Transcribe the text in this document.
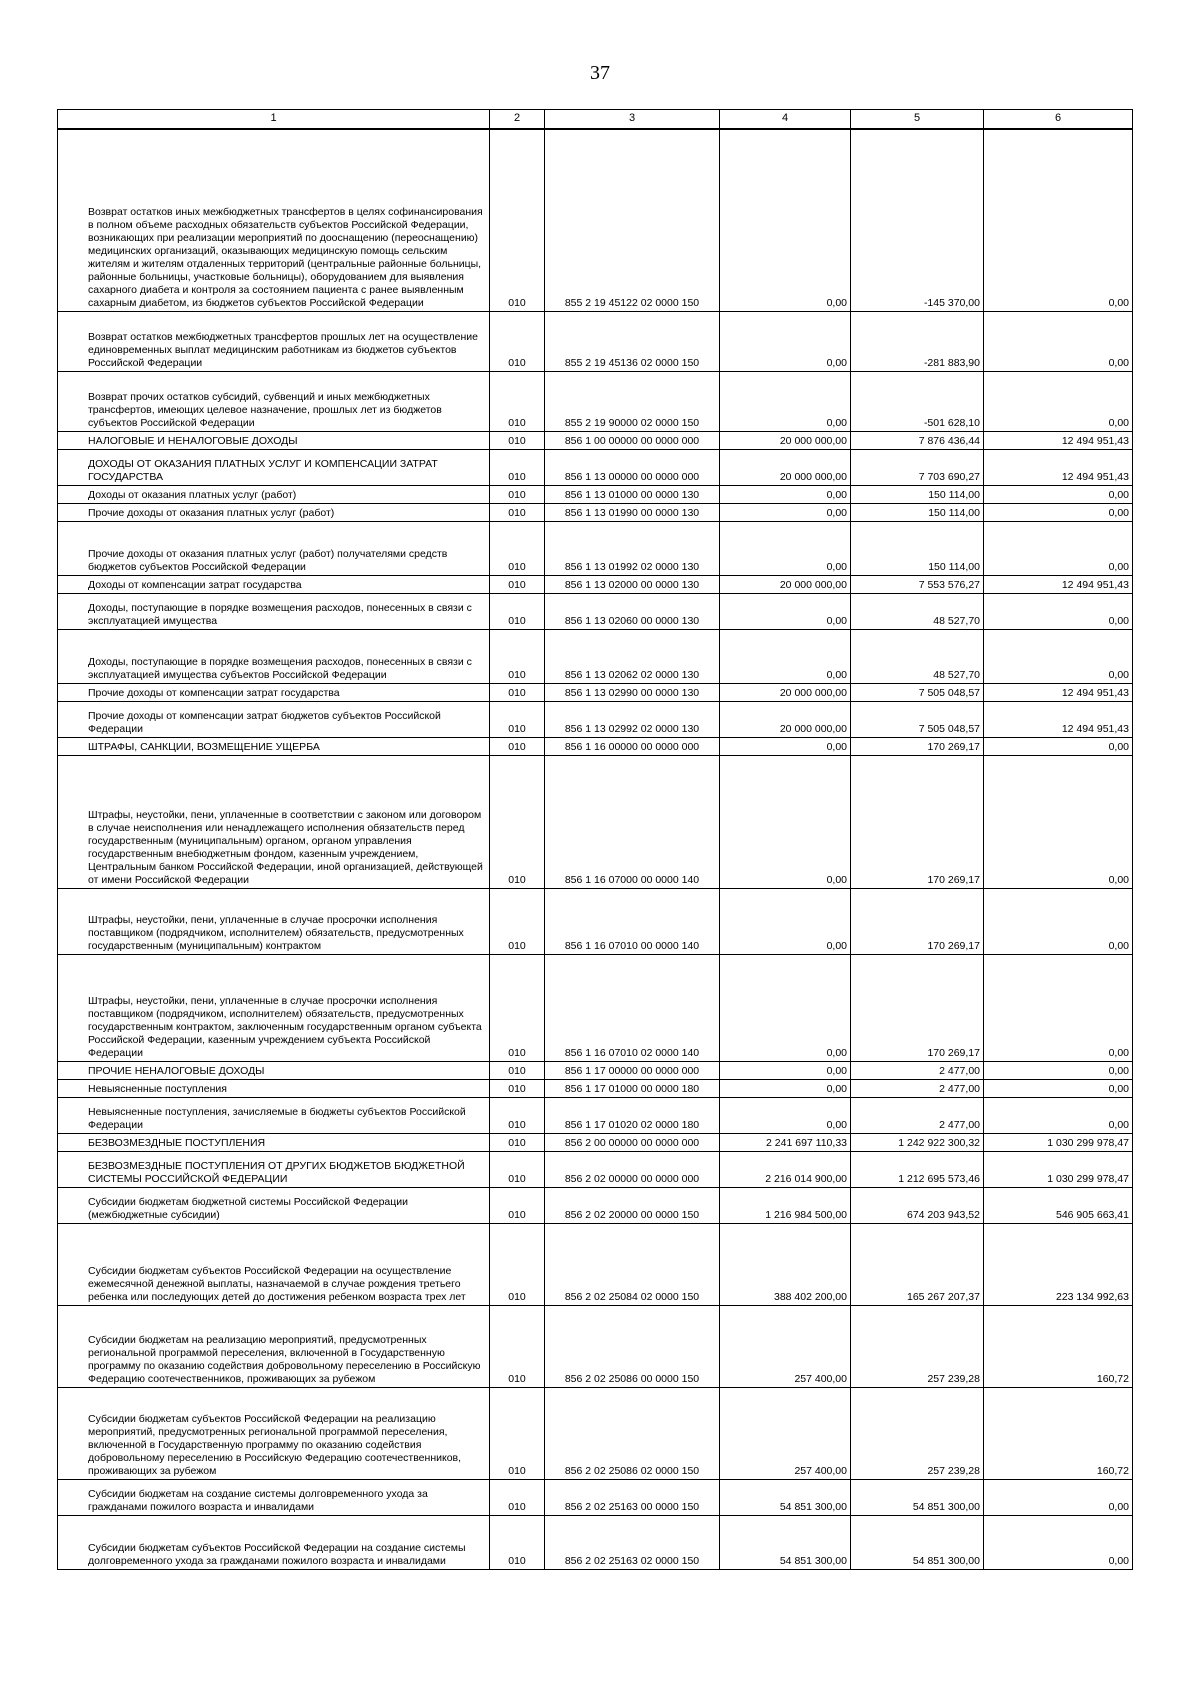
37
1	2	3	4	5	6
Возврат остатков иных межбюджетных трансфертов в целях софинансирования в полном объеме расходных обязательств субъектов Российской Федерации, возникающих при реализации мероприятий по дооснащению (переоснащению) медицинских организаций, оказывающих медицинскую помощь сельским жителям и жителям отдаленных территорий (центральные районные больницы, районные больницы, участковые больницы), оборудованием для выявления сахарного диабета и контроля за состоянием пациента с ранее выявленным сахарным диабетом, из бюджетов субъектов Российской Федерации	010	855 2 19 45122 02 0000 150	0,00	-145 370,00	0,00
Возврат остатков межбюджетных трансфертов прошлых лет на осуществление единовременных выплат медицинским работникам из бюджетов субъектов Российской Федерации	010	855 2 19 45136 02 0000 150	0,00	-281 883,90	0,00
Возврат прочих остатков субсидий, субвенций и иных межбюджетных трансфертов, имеющих целевое назначение, прошлых лет из бюджетов субъектов Российской Федерации	010	855 2 19 90000 02 0000 150	0,00	-501 628,10	0,00
НАЛОГОВЫЕ И НЕНАЛОГОВЫЕ ДОХОДЫ	010	856 1 00 00000 00 0000 000	20 000 000,00	7 876 436,44	12 494 951,43
ДОХОДЫ ОТ ОКАЗАНИЯ ПЛАТНЫХ УСЛУГ И КОМПЕНСАЦИИ ЗАТРАТ ГОСУДАРСТВА	010	856 1 13 00000 00 0000 000	20 000 000,00	7 703 690,27	12 494 951,43
Доходы от оказания платных услуг (работ)	010	856 1 13 01000 00 0000 130	0,00	150 114,00	0,00
Прочие доходы от оказания платных услуг (работ)	010	856 1 13 01990 00 0000 130	0,00	150 114,00	0,00
Прочие доходы от оказания платных услуг (работ) получателями средств бюджетов субъектов Российской Федерации	010	856 1 13 01992 02 0000 130	0,00	150 114,00	0,00
Доходы от компенсации затрат государства	010	856 1 13 02000 00 0000 130	20 000 000,00	7 553 576,27	12 494 951,43
Доходы, поступающие в порядке возмещения расходов, понесенных в связи с эксплуатацией имущества	010	856 1 13 02060 00 0000 130	0,00	48 527,70	0,00
Доходы, поступающие в порядке возмещения расходов, понесенных в связи с эксплуатацией имущества субъектов Российской Федерации	010	856 1 13 02062 02 0000 130	0,00	48 527,70	0,00
Прочие доходы от компенсации затрат государства	010	856 1 13 02990 00 0000 130	20 000 000,00	7 505 048,57	12 494 951,43
Прочие доходы от компенсации затрат бюджетов субъектов Российской Федерации	010	856 1 13 02992 02 0000 130	20 000 000,00	7 505 048,57	12 494 951,43
ШТРАФЫ, САНКЦИИ, ВОЗМЕЩЕНИЕ УЩЕРБА	010	856 1 16 00000 00 0000 000	0,00	170 269,17	0,00
Штрафы, неустойки, пени, уплаченные в соответствии с законом или договором в случае неисполнения или ненадлежащего исполнения обязательств перед государственным (муниципальным) органом, органом управления государственным внебюджетным фондом, казенным учреждением, Центральным банком Российской Федерации, иной организацией, действующей от имени Российской Федерации	010	856 1 16 07000 00 0000 140	0,00	170 269,17	0,00
Штрафы, неустойки, пени, уплаченные в случае просрочки исполнения поставщиком (подрядчиком, исполнителем) обязательств, предусмотренных государственным (муниципальным) контрактом	010	856 1 16 07010 00 0000 140	0,00	170 269,17	0,00
Штрафы, неустойки, пени, уплаченные в случае просрочки исполнения поставщиком (подрядчиком, исполнителем) обязательств, предусмотренных государственным контрактом, заключенным государственным органом субъекта Российской Федерации, казенным учреждением субъекта Российской Федерации	010	856 1 16 07010 02 0000 140	0,00	170 269,17	0,00
ПРОЧИЕ НЕНАЛОГОВЫЕ ДОХОДЫ	010	856 1 17 00000 00 0000 000	0,00	2 477,00	0,00
Невыясненные поступления	010	856 1 17 01000 00 0000 180	0,00	2 477,00	0,00
Невыясненные поступления, зачисляемые в бюджеты субъектов Российской Федерации	010	856 1 17 01020 02 0000 180	0,00	2 477,00	0,00
БЕЗВОЗМЕЗДНЫЕ ПОСТУПЛЕНИЯ	010	856 2 00 00000 00 0000 000	2 241 697 110,33	1 242 922 300,32	1 030 299 978,47
БЕЗВОЗМЕЗДНЫЕ ПОСТУПЛЕНИЯ ОТ ДРУГИХ БЮДЖЕТОВ БЮДЖЕТНОЙ СИСТЕМЫ РОССИЙСКОЙ ФЕДЕРАЦИИ	010	856 2 02 00000 00 0000 000	2 216 014 900,00	1 212 695 573,46	1 030 299 978,47
Субсидии бюджетам бюджетной системы Российской Федерации (межбюджетные субсидии)	010	856 2 02 20000 00 0000 150	1 216 984 500,00	674 203 943,52	546 905 663,41
Субсидии бюджетам субъектов Российской Федерации на осуществление ежемесячной денежной выплаты, назначаемой в случае рождения третьего ребенка или последующих детей до достижения ребенком возраста трех лет	010	856 2 02 25084 02 0000 150	388 402 200,00	165 267 207,37	223 134 992,63
Субсидии бюджетам на реализацию мероприятий, предусмотренных региональной программой переселения, включенной в Государственную программу по оказанию содействия добровольному переселению в Российскую Федерацию соотечественников, проживающих за рубежом	010	856 2 02 25086 00 0000 150	257 400,00	257 239,28	160,72
Субсидии бюджетам субъектов Российской Федерации на реализацию мероприятий, предусмотренных региональной программой переселения, включенной в Государственную программу по оказанию содействия добровольному переселению в Российскую Федерацию соотечественников, проживающих за рубежом	010	856 2 02 25086 02 0000 150	257 400,00	257 239,28	160,72
Субсидии бюджетам на создание системы долговременного ухода за гражданами пожилого возраста и инвалидами	010	856 2 02 25163 00 0000 150	54 851 300,00	54 851 300,00	0,00
Субсидии бюджетам субъектов Российской Федерации на создание системы долговременного ухода за гражданами пожилого возраста и инвалидами	010	856 2 02 25163 02 0000 150	54 851 300,00	54 851 300,00	0,00
